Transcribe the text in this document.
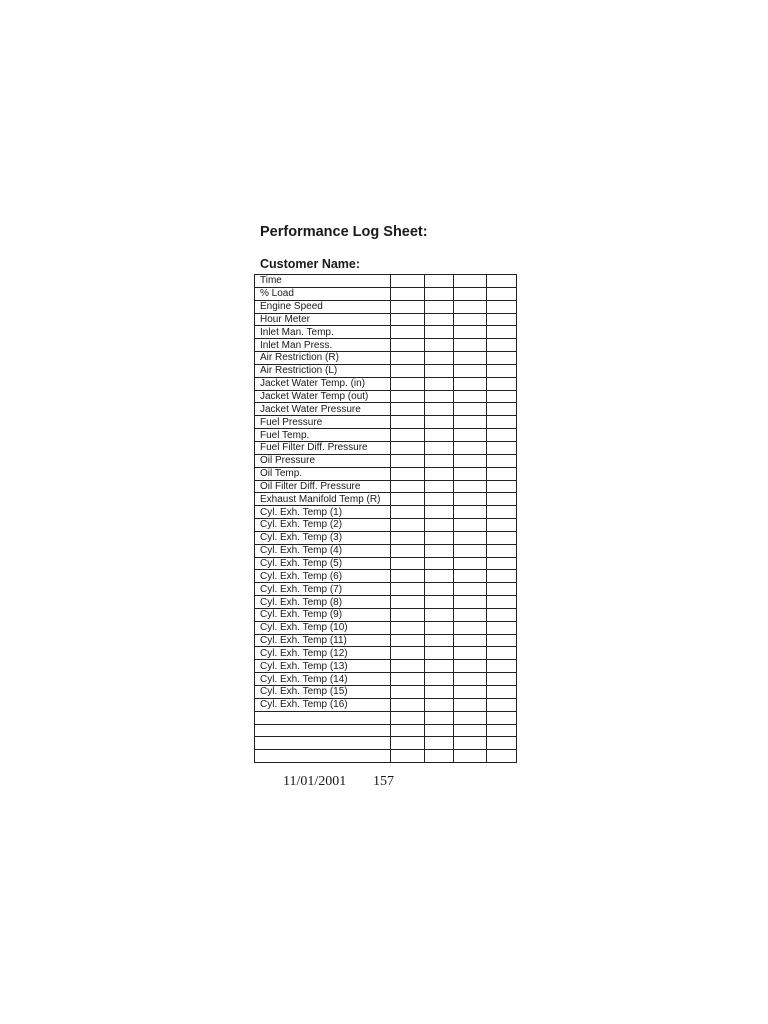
Performance Log Sheet:
Customer Name:
Time				
% Load				
Engine Speed				
Hour Meter				
Inlet Man. Temp.				
Inlet Man Press.				
Air Restriction (R)				
Air Restriction (L)				
Jacket Water Temp. (in)				
Jacket Water Temp (out)				
Jacket Water Pressure				
Fuel Pressure				
Fuel Temp.				
Fuel Filter Diff. Pressure				
Oil Pressure				
Oil Temp.				
Oil Filter Diff. Pressure				
Exhaust Manifold Temp (R)				
Cyl. Exh. Temp (1)				
Cyl. Exh. Temp (2)				
Cyl. Exh. Temp (3)				
Cyl. Exh. Temp (4)				
Cyl. Exh. Temp (5)				
Cyl. Exh. Temp (6)				
Cyl. Exh. Temp (7)				
Cyl. Exh. Temp (8)				
Cyl. Exh. Temp (9)				
Cyl. Exh. Temp (10)				
Cyl. Exh. Temp (11)				
Cyl. Exh. Temp (12)				
Cyl. Exh. Temp (13)				
Cyl. Exh. Temp (14)				
Cyl. Exh. Temp (15)				
Cyl. Exh. Temp (16)				

11/01/2001 157
